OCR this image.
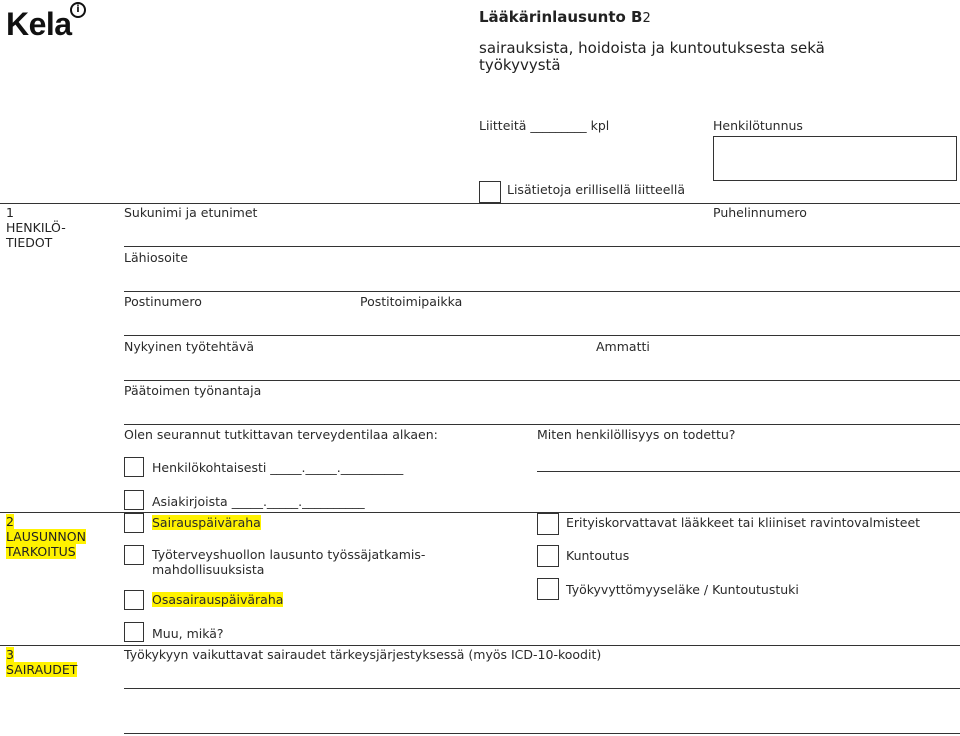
Kela i	Lääkärinlausunto B2
sairauksista, hoidoista ja kuntoutuksesta sekä työkyvystä
Liitteitä _________ kpl	Henkilötunnus
Lisätietoja erillisellä liitteellä
1
HENKILÖ-
TIEDOT
Sukunimi ja etunimet	Puhelinnumero
Lähiosoite
Postinumero	Postitoimipaikka
Nykyinen työtehtävä	Ammatti
Päätoimen työnantaja
Olen seurannut tutkittavan terveydentilaa alkaen:	Miten henkilöllisyys on todettu?
Henkilökohtaisesti _____._____.__________
Asiakirjoista _____._____.__________
2
LAUSUNNON
TARKOITUS
Sairauspäiväraha
Työterveyshuollon lausunto työssäjatkamis-
mahdollisuuksista
Osasairauspäiväraha
Muu, mikä?
Erityiskorvattavat lääkkeet tai kliiniset ravintovalmisteet
Kuntoutus
Työkyvyttömyyseläke / Kuntoutustuki
3
SAIRAUDET
Työkykyyn vaikuttavat sairaudet tärkeysjärjestyksessä (myös ICD-10-koodit)
